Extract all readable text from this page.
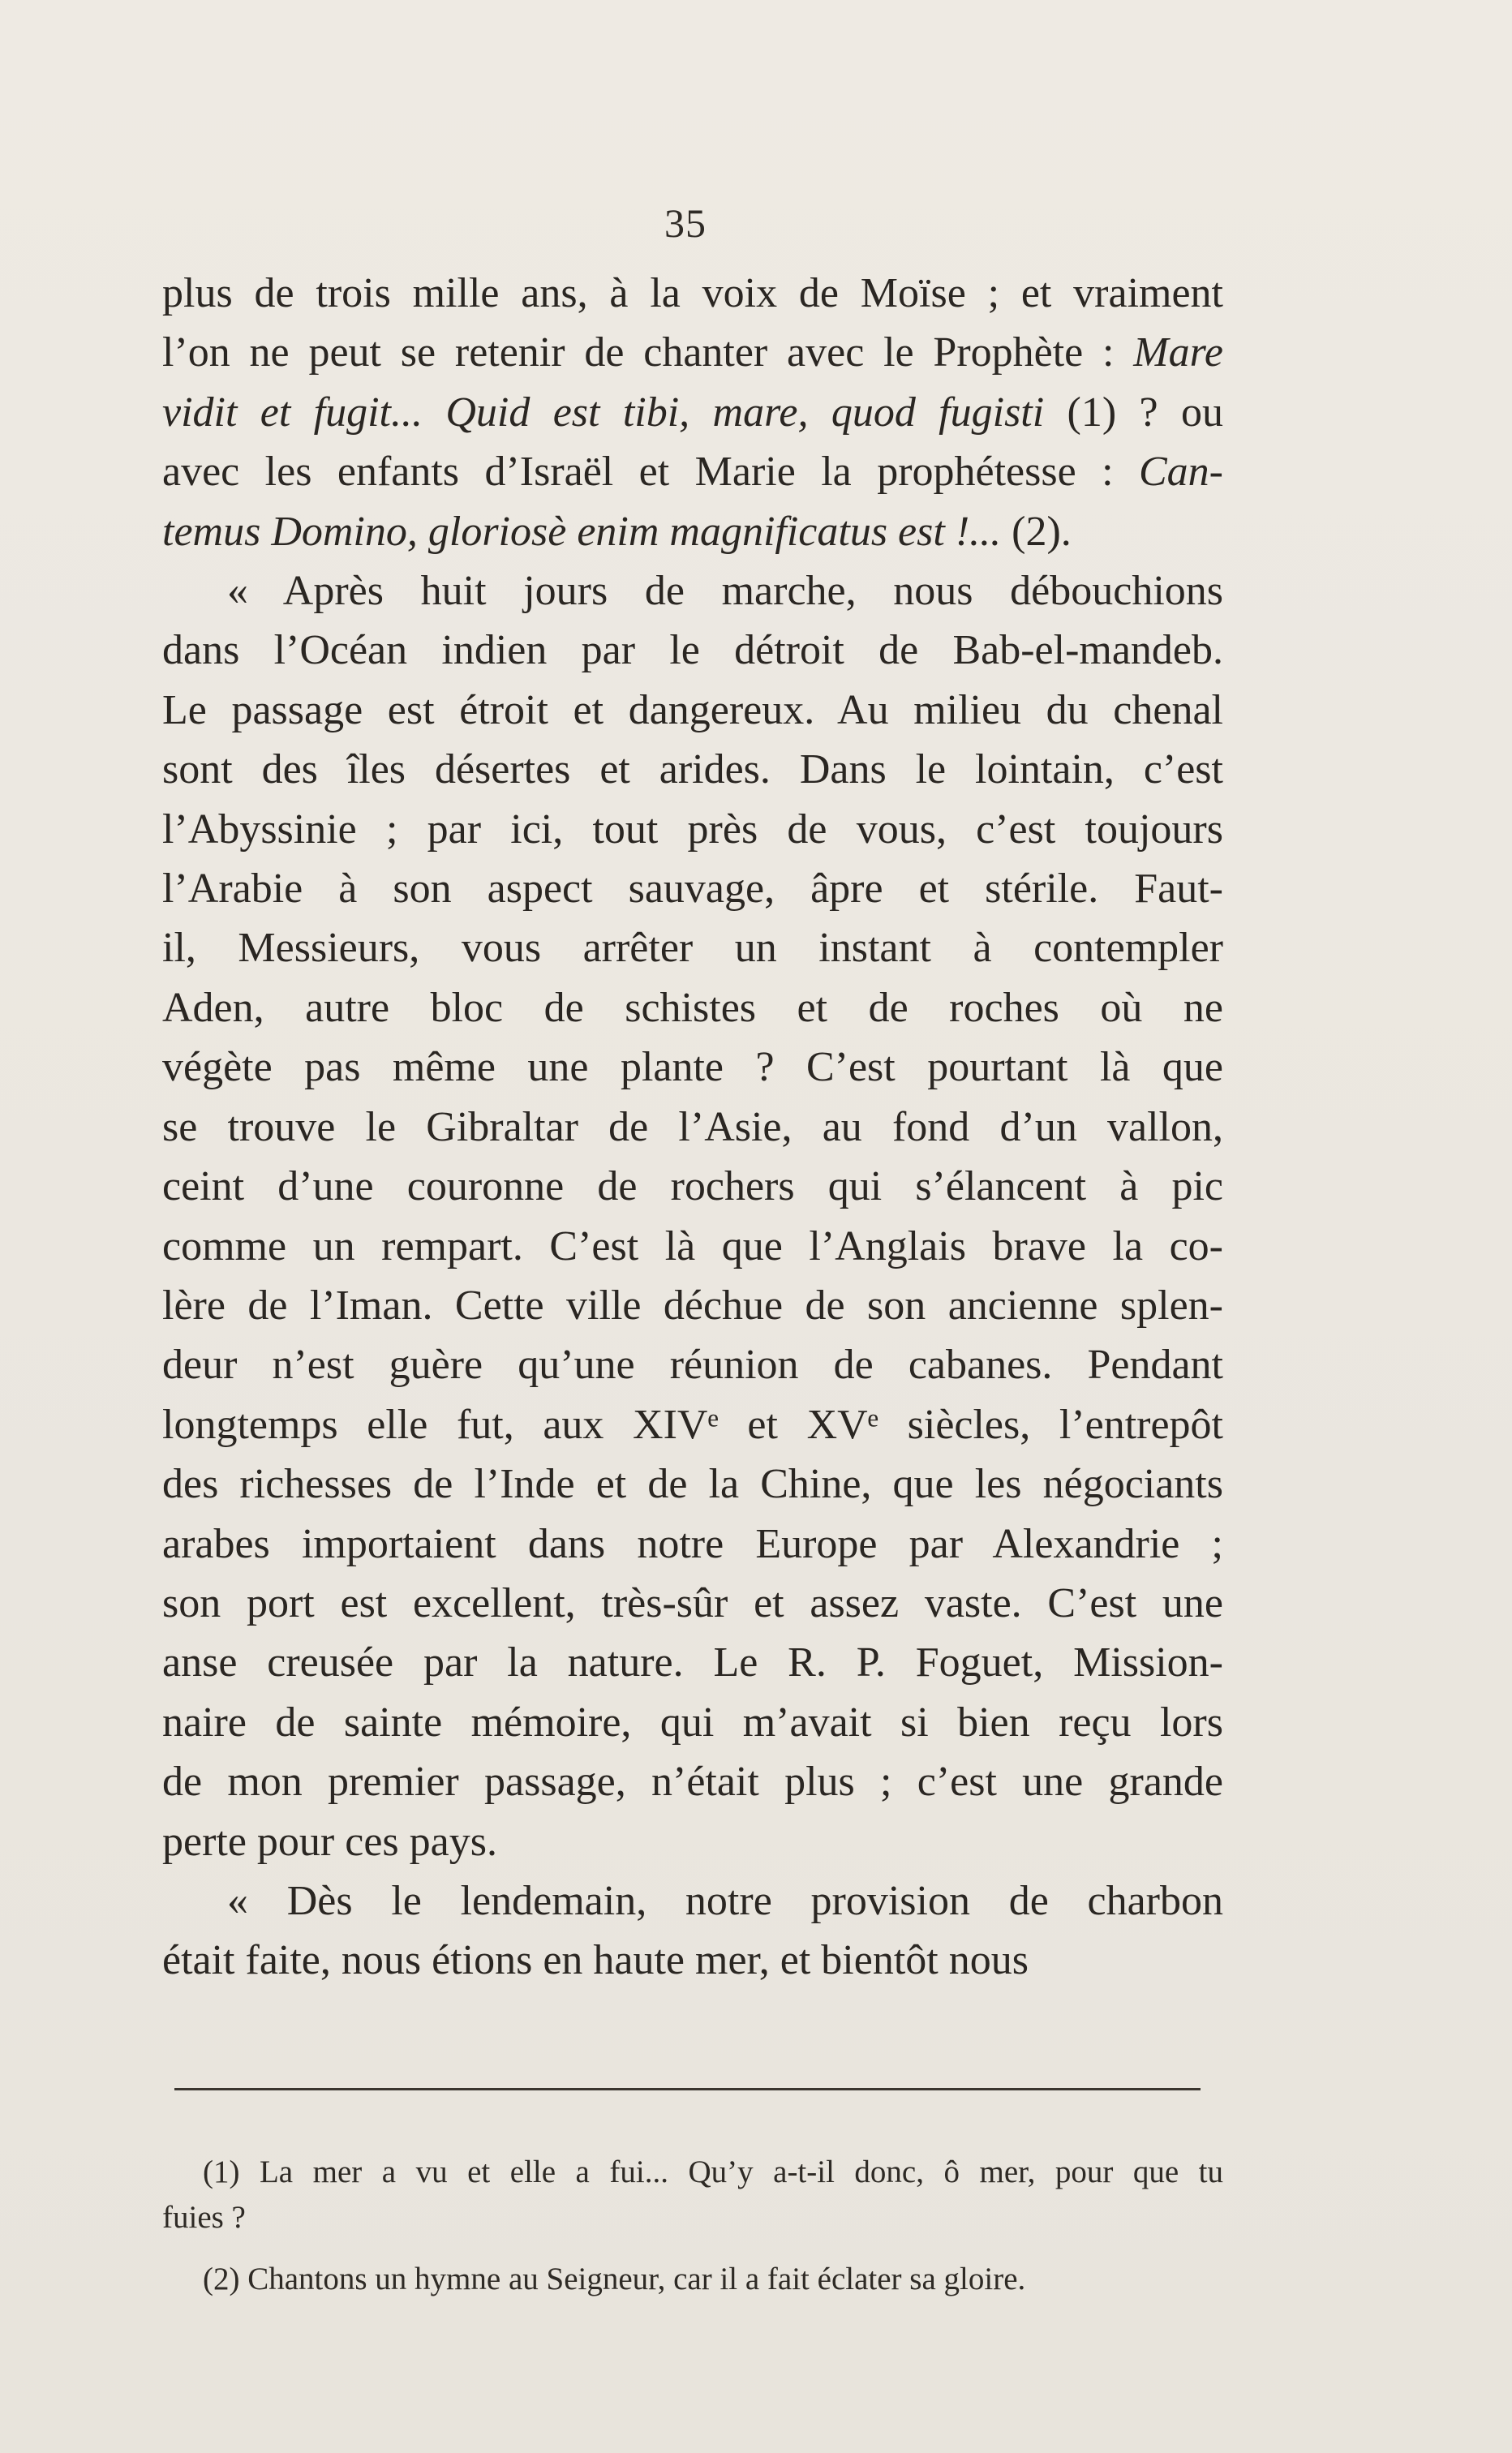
35
plus de trois mille ans, à la voix de Moïse ; et vraiment
l’on ne peut se retenir de chanter avec le Prophète : Mare
vidit et fugit... Quid est tibi, mare, quod fugisti (1) ? ou
avec les enfants d’Israël et Marie la prophétesse : Can-
temus Domino, gloriosè enim magnificatus est !... (2).
« Après huit jours de marche, nous débouchions
dans l’Océan indien par le détroit de Bab-el-mandeb.
Le passage est étroit et dangereux. Au milieu du chenal
sont des îles désertes et arides. Dans le lointain, c’est
l’Abyssinie ; par ici, tout près de vous, c’est toujours
l’Arabie à son aspect sauvage, âpre et stérile. Faut-
il, Messieurs, vous arrêter un instant à contempler
Aden, autre bloc de schistes et de roches où ne
végète pas même une plante ? C’est pourtant là que
se trouve le Gibraltar de l’Asie, au fond d’un vallon,
ceint d’une couronne de rochers qui s’élancent à pic
comme un rempart. C’est là que l’Anglais brave la co-
lère de l’Iman. Cette ville déchue de son ancienne splen-
deur n’est guère qu’une réunion de cabanes. Pendant
longtemps elle fut, aux XIVᵉ et XVᵉ siècles, l’entrepôt
des richesses de l’Inde et de la Chine, que les négociants
arabes importaient dans notre Europe par Alexandrie ;
son port est excellent, très-sûr et assez vaste. C’est une
anse creusée par la nature. Le R. P. Foguet, Mission-
naire de sainte mémoire, qui m’avait si bien reçu lors
de mon premier passage, n’était plus ; c’est une grande
perte pour ces pays.
« Dès le lendemain, notre provision de charbon
était faite, nous étions en haute mer, et bientôt nous
(1) La mer a vu et elle a fui... Qu’y a-t-il donc, ô mer, pour que tu
fuies ?
(2) Chantons un hymne au Seigneur, car il a fait éclater sa gloire.
